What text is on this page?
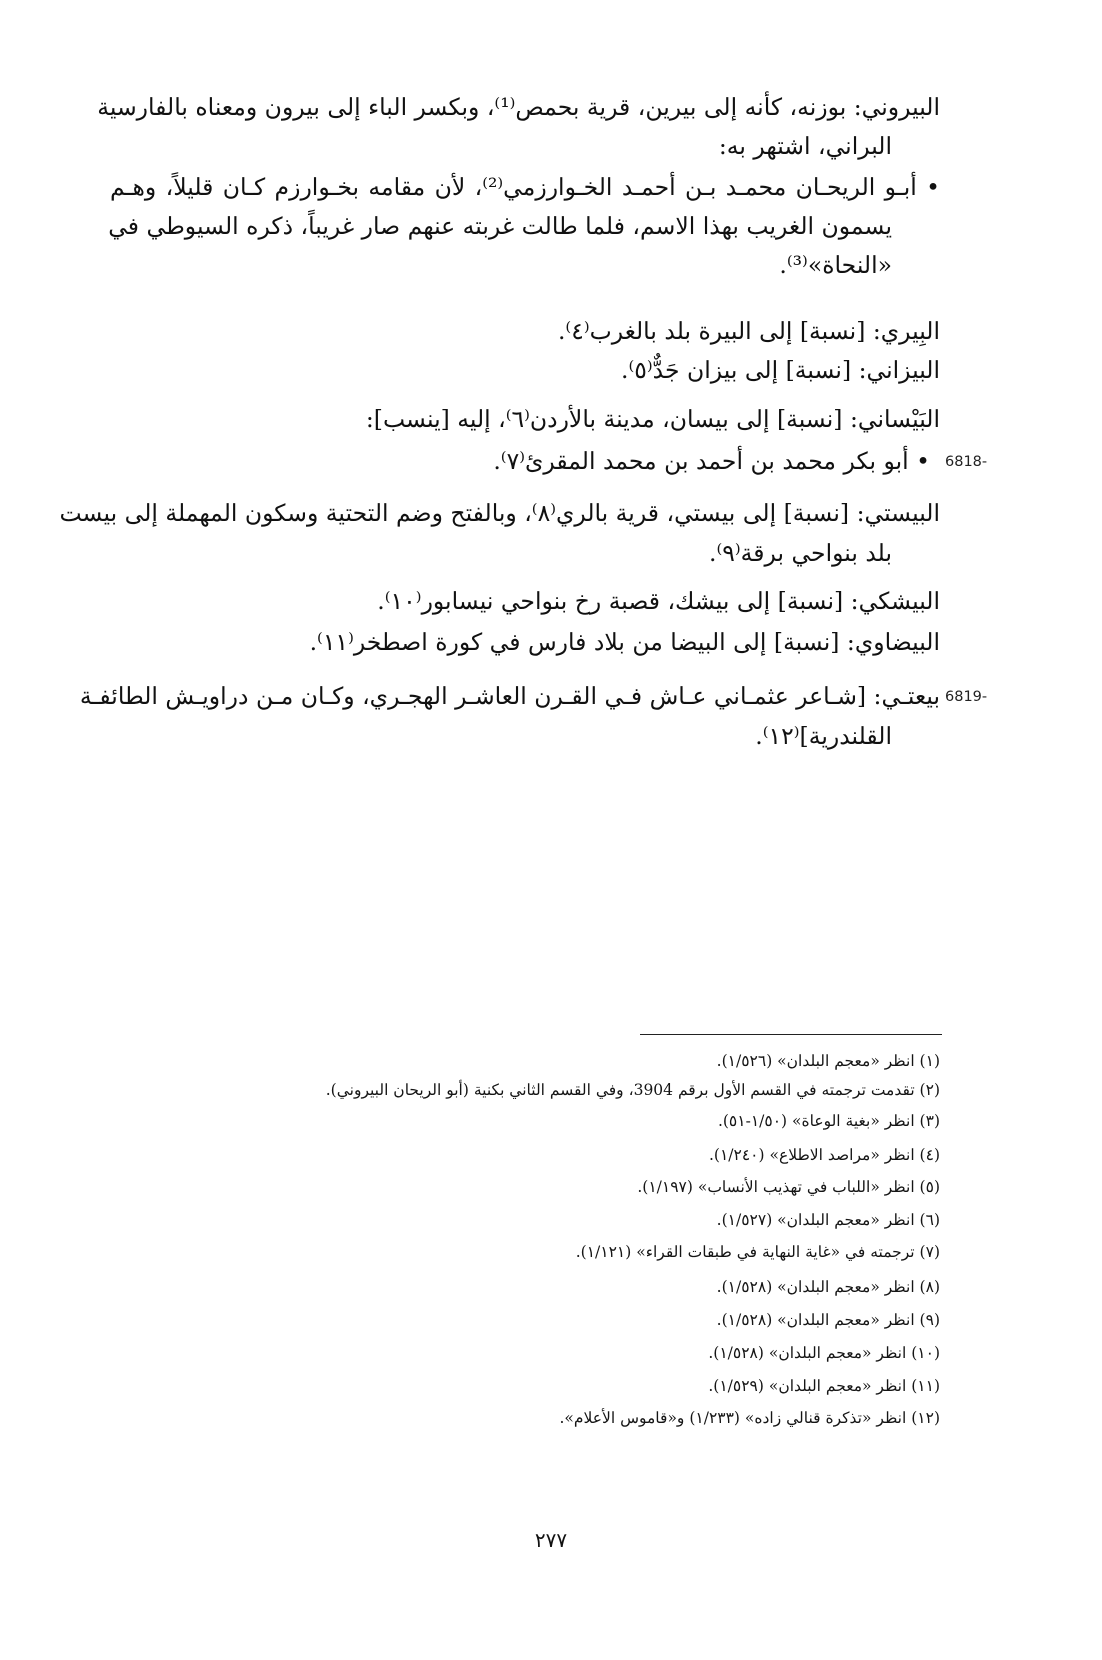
البيروني: بوزنه، كأنه إلى بيرين، قرية بحمص⁽¹⁾، وبكسر الباء إلى بيرون ومعناه بالفارسية
البراني، اشتهر به:
• أبـو الريحـان محمـد بـن أحمـد الخـوارزمي⁽²⁾، لأن مقامه بخـوارزم كـان قليلاً، وهـم
يسمون الغريب بهذا الاسم، فلما طالت غربته عنهم صار غريباً، ذكره السيوطي في
«النحاة»⁽³⁾.
البِيري: [نسبة] إلى البيرة بلد بالغرب⁽٤⁾.
البيزاني: [نسبة] إلى بيزان جَدٌّ⁽٥⁾.
البَيْساني: [نسبة] إلى بيسان، مدينة بالأردن⁽٦⁾، إليه [ينسب]:
• أبو بكر محمد بن أحمد بن محمد المقرئ⁽٧⁾.
البيستي: [نسبة] إلى بيستي، قرية بالري⁽٨⁾، وبالفتح وضم التحتية وسكون المهملة إلى بيست
بلد بنواحي برقة⁽٩⁾.
البيشكي: [نسبة] إلى بيشك، قصبة رخ بنواحي نيسابور⁽١٠⁾.
البيضاوي: [نسبة] إلى البيضا من بلاد فارس في كورة اصطخر⁽١١⁾.
بيعتـي: [شـاعر عثمـاني عـاش فـي القـرن العاشـر الهجـري، وكـان مـن دراويـش الطائفـة
القلندرية]⁽١٢⁾.
(١) انظر «معجم البلدان» (١/٥٢٦).
(٢) تقدمت ترجمته في القسم الأول برقم 3904، وفي القسم الثاني بكنية (أبو الريحان البيروني).
(٣) انظر «بغية الوعاة» (١/٥٠-٥١).
(٤) انظر «مراصد الاطلاع» (١/٢٤٠).
(٥) انظر «اللباب في تهذيب الأنساب» (١/١٩٧).
(٦) انظر «معجم البلدان» (١/٥٢٧).
(٧) ترجمته في «غاية النهاية في طبقات القراء» (١/١٢١).
(٨) انظر «معجم البلدان» (١/٥٢٨).
(٩) انظر «معجم البلدان» (١/٥٢٨).
(١٠) انظر «معجم البلدان» (١/٥٢٨).
(١١) انظر «معجم البلدان» (١/٥٢٩).
(١٢) انظر «تذكرة قنالي زاده» (١/٢٣٣) و«قاموس الأعلام».
٢٧٧
6818-
6819-
